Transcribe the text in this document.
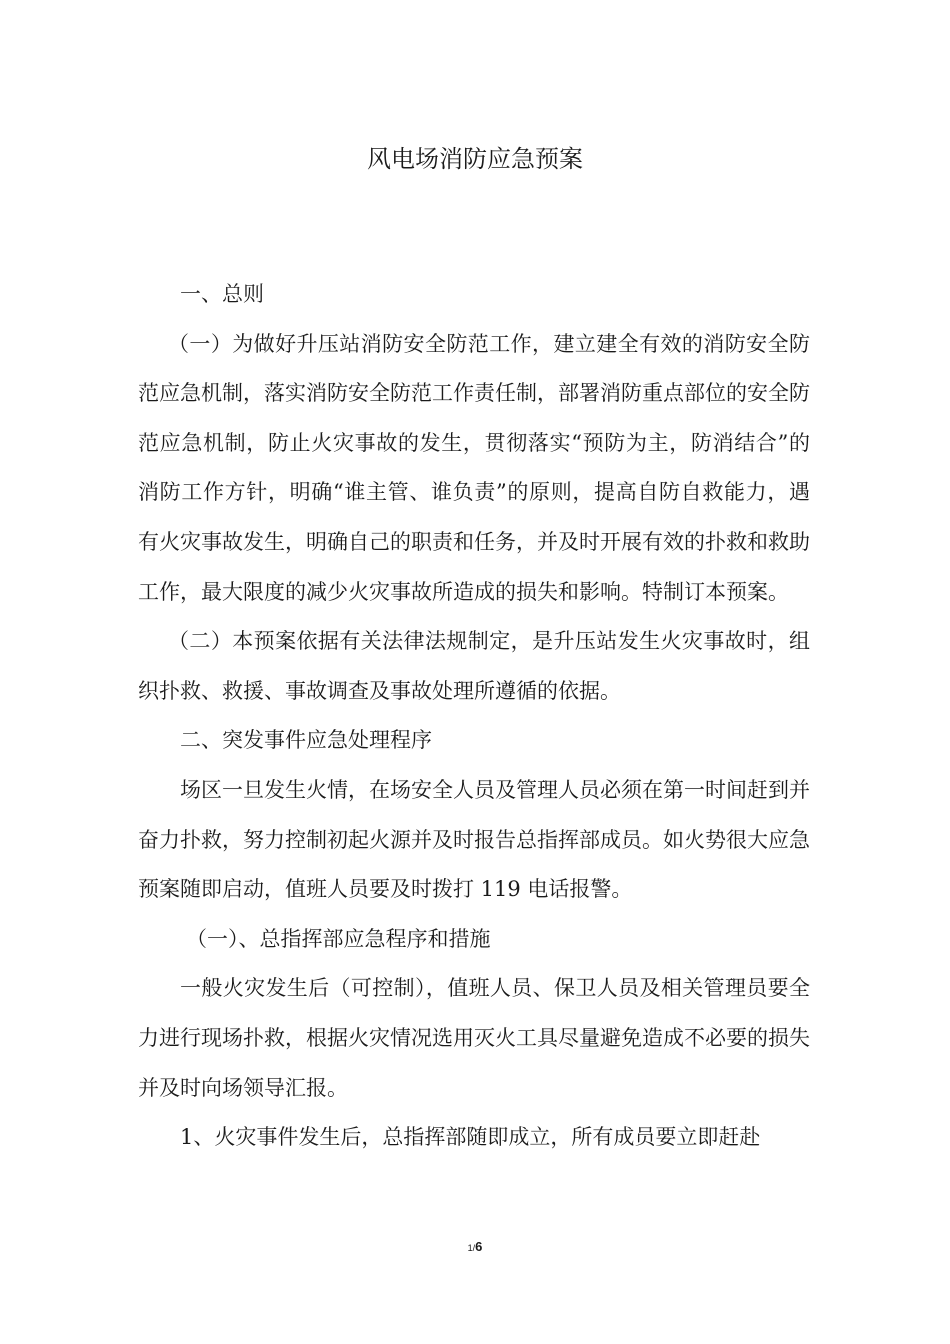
风电场消防应急预案

一、总则

（一）为做好升压站消防安全防范工作，建立建全有效的消防安全防范应急机制，落实消防安全防范工作责任制，部署消防重点部位的安全防范应急机制，防止火灾事故的发生，贯彻落实“预防为主，防消结合”的消防工作方针，明确“谁主管、谁负责”的原则，提高自防自救能力，遇有火灾事故发生，明确自己的职责和任务，并及时开展有效的扑救和救助工作，最大限度的减少火灾事故所造成的损失和影响。特制订本预案。

（二）本预案依据有关法律法规制定，是升压站发生火灾事故时，组织扑救、救援、事故调查及事故处理所遵循的依据。

二、突发事件应急处理程序

场区一旦发生火情，在场安全人员及管理人员必须在第一时间赶到并奋力扑救，努力控制初起火源并及时报告总指挥部成员。如火势很大应急预案随即启动，值班人员要及时拨打 119 电话报警。

（一）、总指挥部应急程序和措施

一般火灾发生后（可控制），值班人员、保卫人员及相关管理员要全力进行现场扑救，根据火灾情况选用灭火工具尽量避免造成不必要的损失并及时向场领导汇报。

1、火灾事件发生后，总指挥部随即成立，所有成员要立即赶赴

1/6
